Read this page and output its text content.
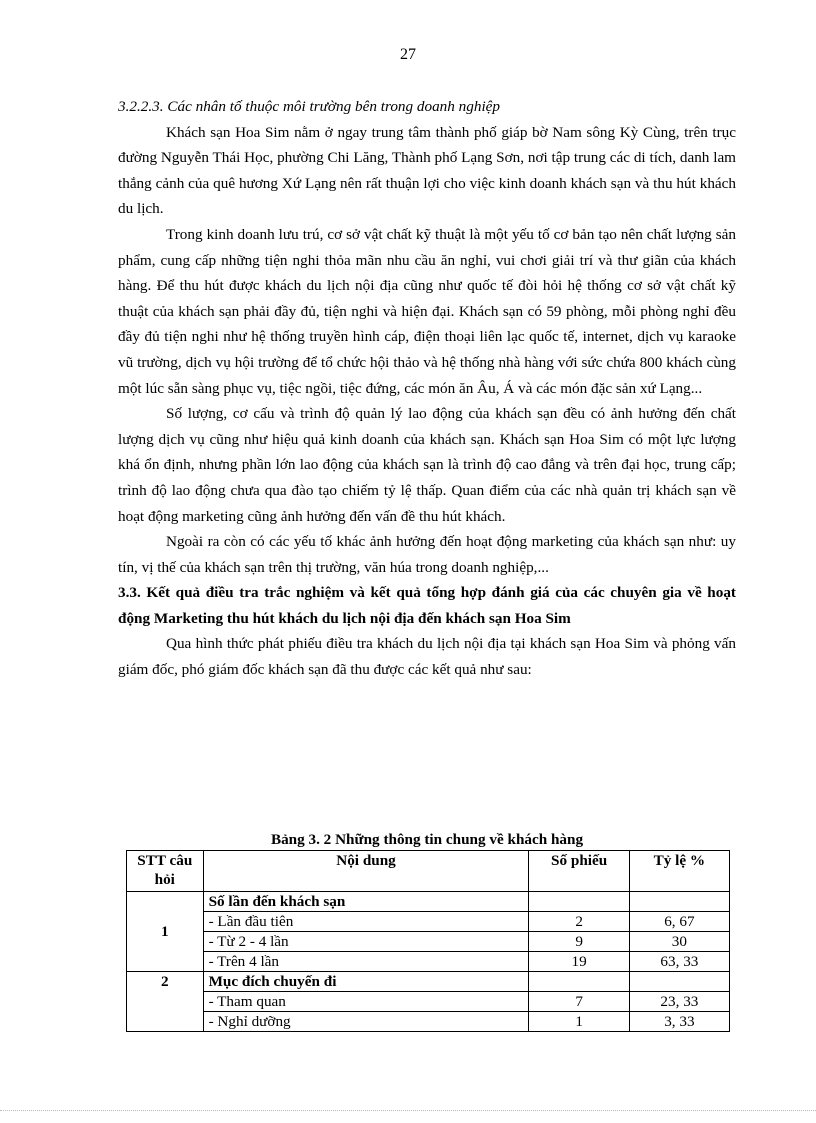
27

3.2.2.3. Các nhân tố thuộc môi trường bên trong doanh nghiệp

Khách sạn Hoa Sim nằm ở ngay trung tâm thành phố giáp bờ Nam sông Kỳ Cùng, trên trục đường Nguyễn Thái Học, phường Chi Lăng, Thành phố Lạng Sơn, nơi tập trung các di tích, danh lam thắng cảnh của quê hương Xứ Lạng nên rất thuận lợi cho việc kinh doanh khách sạn và thu hút khách du lịch.

Trong kinh doanh lưu trú, cơ sở vật chất kỹ thuật là một yếu tố cơ bản tạo nên chất lượng sản phẩm, cung cấp những tiện nghi thỏa mãn nhu cầu ăn nghỉ, vui chơi giải trí và thư giãn của khách hàng. Để thu hút được khách du lịch nội địa cũng như quốc tế đòi hỏi hệ thống cơ sở vật chất kỹ thuật của khách sạn phải đầy đủ, tiện nghi và hiện đại. Khách sạn có 59 phòng, mỗi phòng nghỉ đều đầy đủ tiện nghi như hệ thống truyền hình cáp, điện thoại liên lạc quốc tế, internet, dịch vụ karaoke vũ trường, dịch vụ hội trường để tổ chức hội thảo và hệ thống nhà hàng với sức chứa 800 khách cùng một lúc sẵn sàng phục vụ, tiệc ngồi, tiệc đứng, các món ăn Âu, Á và các món đặc sản xứ Lạng...

Số lượng, cơ cấu và trình độ quản lý lao động của khách sạn đều có ảnh hưởng đến chất lượng dịch vụ cũng như hiệu quả kinh doanh của khách sạn. Khách sạn Hoa Sim có một lực lượng khá ổn định, nhưng phần lớn lao động của khách sạn là trình độ cao đẳng và trên đại học, trung cấp; trình độ lao động chưa qua đào tạo chiếm tỷ lệ thấp. Quan điểm của các nhà quản trị khách sạn về hoạt động marketing cũng ảnh hưởng đến vấn đề thu hút khách.

Ngoài ra còn có các yếu tố khác ảnh hưởng đến hoạt động marketing của khách sạn như: uy tín, vị thế của khách sạn trên thị trường, văn húa trong doanh nghiệp,...

3.3. Kết quả điều tra trắc nghiệm và kết quả tổng hợp đánh giá của các chuyên gia về hoạt động Marketing thu hút khách du lịch nội địa đến khách sạn Hoa Sim

Qua hình thức phát phiếu điều tra khách du lịch nội địa tại khách sạn Hoa Sim và phỏng vấn giám đốc, phó giám đốc khách sạn đã thu được các kết quả như sau:

Bảng 3. 2 Những thông tin chung về khách hàng
STT câu hỏi	Nội dung	Số phiếu	Tỷ lệ %
1	Số lần đến khách sạn		
	- Lần đầu tiên	2	6, 67
	- Từ 2 - 4 lần	9	30
	- Trên 4 lần	19	63, 33
2	Mục đích chuyến đi		
	- Tham quan	7	23, 33
	- Nghỉ dưỡng	1	3, 33
